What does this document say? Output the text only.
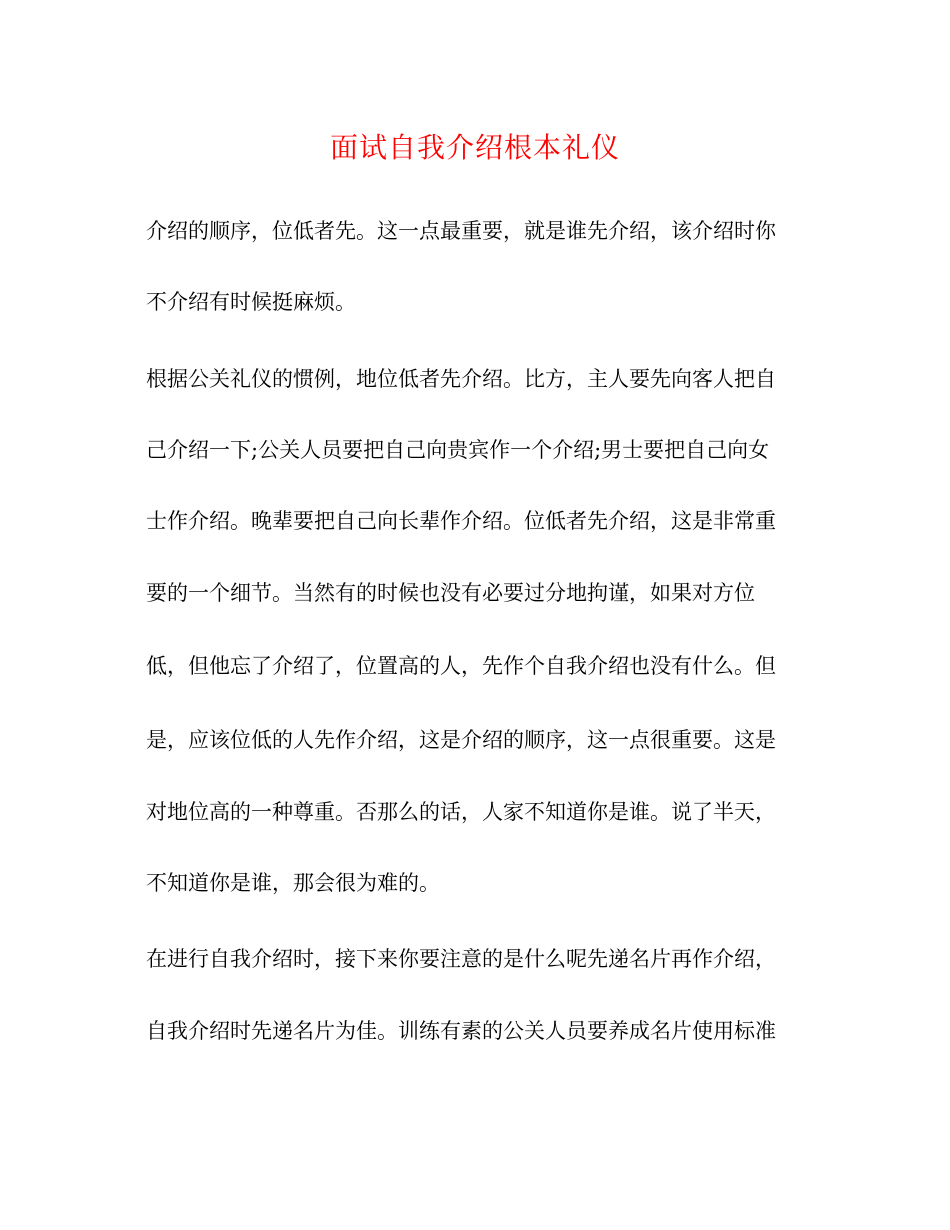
面试自我介绍根本礼仪

介绍的顺序，位低者先。这一点最重要，就是谁先介绍，该介绍时你

不介绍有时候挺麻烦。

根据公关礼仪的惯例，地位低者先介绍。比方，主人要先向客人把自

己介绍一下;公关人员要把自己向贵宾作一个介绍;男士要把自己向女

士作介绍。晚辈要把自己向长辈作介绍。位低者先介绍，这是非常重

要的一个细节。当然有的时候也没有必要过分地拘谨，如果对方位

低，但他忘了介绍了，位置高的人，先作个自我介绍也没有什么。但

是，应该位低的人先作介绍，这是介绍的顺序，这一点很重要。这是

对地位高的一种尊重。否那么的话，人家不知道你是谁。说了半天，

不知道你是谁，那会很为难的。

在进行自我介绍时，接下来你要注意的是什么呢先递名片再作介绍，

自我介绍时先递名片为佳。训练有素的公关人员要养成名片使用标准
